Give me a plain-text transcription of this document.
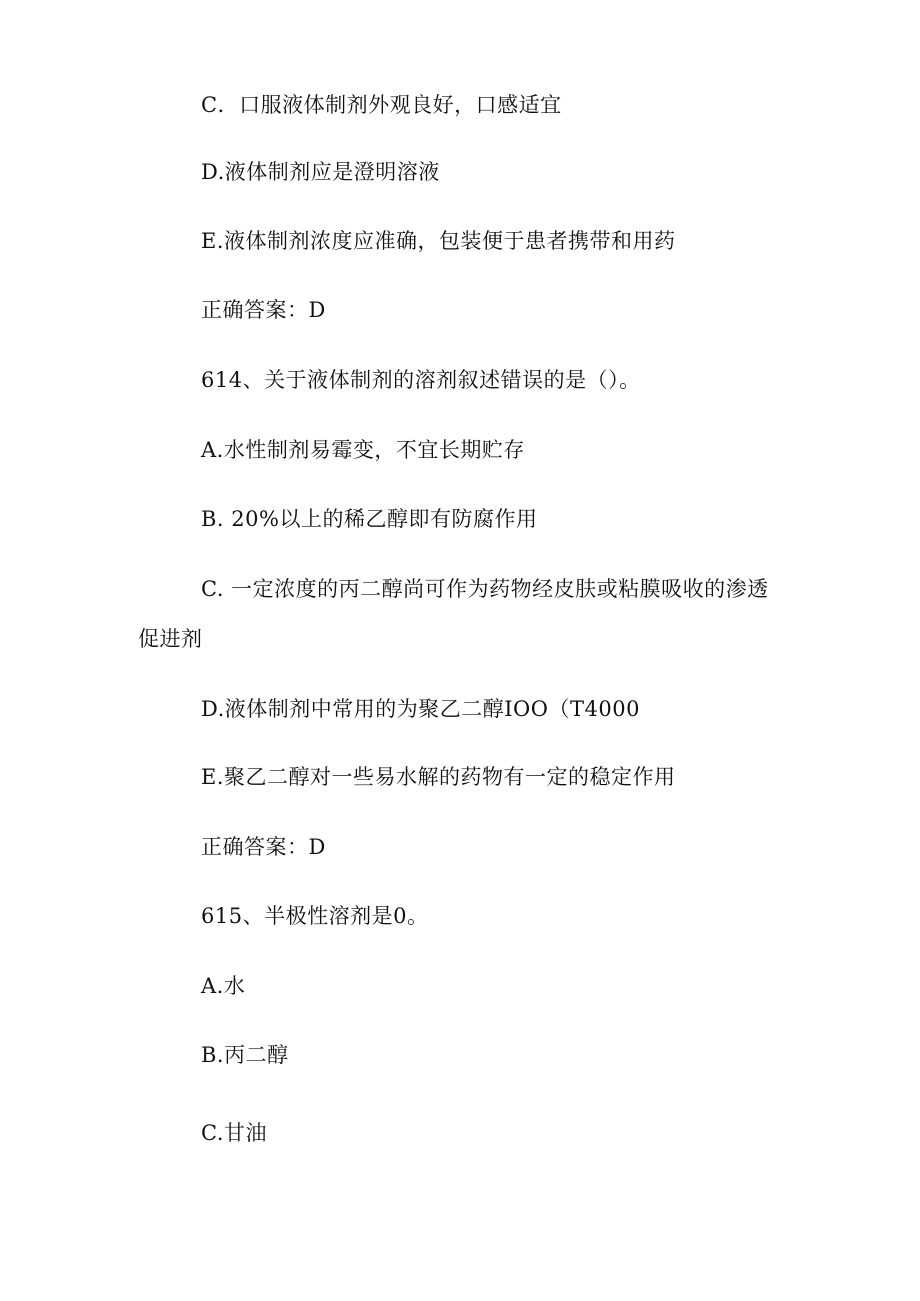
C．口服液体制剂外观良好，口感适宜
D.液体制剂应是澄明溶液
E.液体制剂浓度应准确，包装便于患者携带和用药
正确答案：D
614、关于液体制剂的溶剂叙述错误的是（）。
A.水性制剂易霉变，不宜长期贮存
B. 20%以上的稀乙醇即有防腐作用
C. 一定浓度的丙二醇尚可作为药物经皮肤或粘膜吸收的渗透
促进剂
D.液体制剂中常用的为聚乙二醇IOO（T4000
E.聚乙二醇对一些易水解的药物有一定的稳定作用
正确答案：D
615、半极性溶剂是0。
A.水
B.丙二醇
C.甘油
